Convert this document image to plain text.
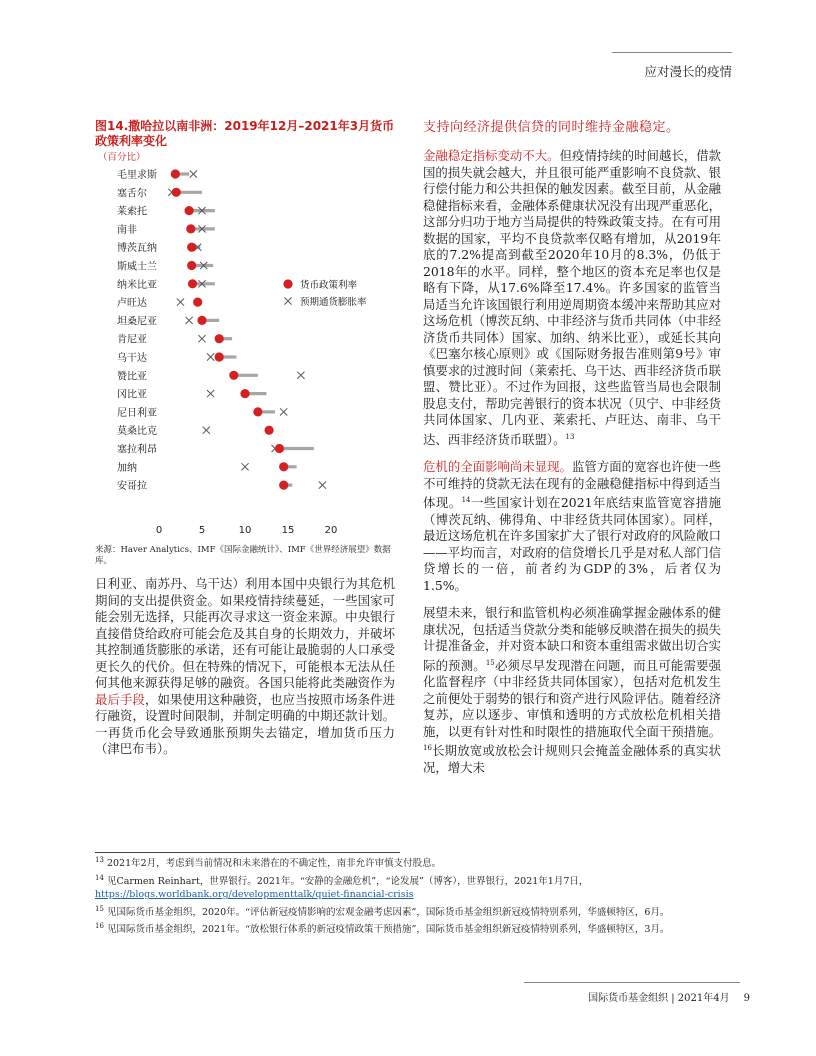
应对漫长的疫情
图14.撒哈拉以南非洲：2019年12月–2021年3月货币政策利率变化
（百分比）
毛里求斯
塞舌尔
莱索托
南非
博茨瓦纳
斯威士兰
纳米比亚
卢旺达
坦桑尼亚
肯尼亚
乌干达
赞比亚
冈比亚
尼日利亚
莫桑比克
塞拉利昂
加纳
安哥拉
0	5	10	15	20
货币政策利率
预期通货膨胀率
来源：Haver Analytics、IMF《国际金融统计》、IMF《世界经济展望》数据库。
日利亚、南苏丹、乌干达）利用本国中央银行为其危机期间的支出提供资金。如果疫情持续蔓延，一些国家可能会别无选择，只能再次寻求这一资金来源。中央银行直接借贷给政府可能会危及其自身的长期效力，并破坏其控制通货膨胀的承诺，还有可能让最脆弱的人口承受更长久的代价。但在特殊的情况下，可能根本无法从任何其他来源获得足够的融资。各国只能将此类融资作为最后手段，如果使用这种融资，也应当按照市场条件进行融资，设置时间限制，并制定明确的中期还款计划。一再货币化会导致通胀预期失去锚定，增加货币压力（津巴布韦）。
支持向经济提供信贷的同时维持金融稳定。

金融稳定指标变动不大。但疫情持续的时间越长，借款国的损失就会越大，并且很可能严重影响不良贷款、银行偿付能力和公共担保的触发因素。截至目前，从金融稳健指标来看，金融体系健康状况没有出现严重恶化，这部分归功于地方当局提供的特殊政策支持。在有可用数据的国家，平均不良贷款率仅略有增加，从2019年底的7.2%提高到截至2020年10月的8.3%，仍低于2018年的水平。同样，整个地区的资本充足率也仅是略有下降，从17.6%降至17.4%。许多国家的监管当局适当允许该国银行利用逆周期资本缓冲来帮助其应对这场危机（博茨瓦纳、中非经济与货币共同体（中非经济货币共同体）国家、加纳、纳米比亚），或延长其向《巴塞尔核心原则》或《国际财务报告准则第9号》审慎要求的过渡时间（莱索托、乌干达、西非经济货币联盟、赞比亚）。不过作为回报，这些监管当局也会限制股息支付，帮助完善银行的资本状况（贝宁、中非经货共同体国家、几内亚、莱索托、卢旺达、南非、乌干达、西非经济货币联盟）。$^{13}$

危机的全面影响尚未显现。监管方面的宽容也许使一些不可维持的贷款无法在现有的金融稳健指标中得到适当体现。$^{14}$一些国家计划在2021年底结束监管宽容措施（博茨瓦纳、佛得角、中非经货共同体国家）。同样，最近这场危机在许多国家扩大了银行对政府的风险敞口——平均而言，对政府的信贷增长几乎是对私人部门信贷增长的一倍，前者约为GDP的3%，后者仅为1.5%。

展望未来，银行和监管机构必须准确掌握金融体系的健康状况，包括适当贷款分类和能够反映潜在损失的损失计提准备金，并对资本缺口和资本重组需求做出切合实际的预测。$^{15}$必须尽早发现潜在问题，而且可能需要强化监督程序（中非经货共同体国家），包括对危机发生之前便处于弱势的银行和资产进行风险评估。随着经济复苏，应以逐步、审慎和透明的方式放松危机相关措施，以更有针对性和时限性的措施取代全面干预措施。$^{16}$长期放宽或放松会计规则只会掩盖金融体系的真实状况，增大未

$^{13}$ 2021年2月，考虑到当前情况和未来潜在的不确定性，南非允许审慎支付股息。

$^{14}$ 见Carmen Reinhart，世界银行。2021年。“安静的金融危机”，“论发展”（博客），世界银行，2021年1月7日，
https://blogs.worldbank.org/developmenttalk/quiet-financial-crisis

$^{15}$ 见国际货币基金组织，2020年。“评估新冠疫情影响的宏观金融考虑因素”，国际货币基金组织新冠疫情特别系列，华盛顿特区，6月。

$^{16}$ 见国际货币基金组织，2021年。“放松银行体系的新冠疫情政策干预措施”，国际货币基金组织新冠疫情特别系列，华盛顿特区，3月。

国际货币基金组织 | 2021年4月 9
